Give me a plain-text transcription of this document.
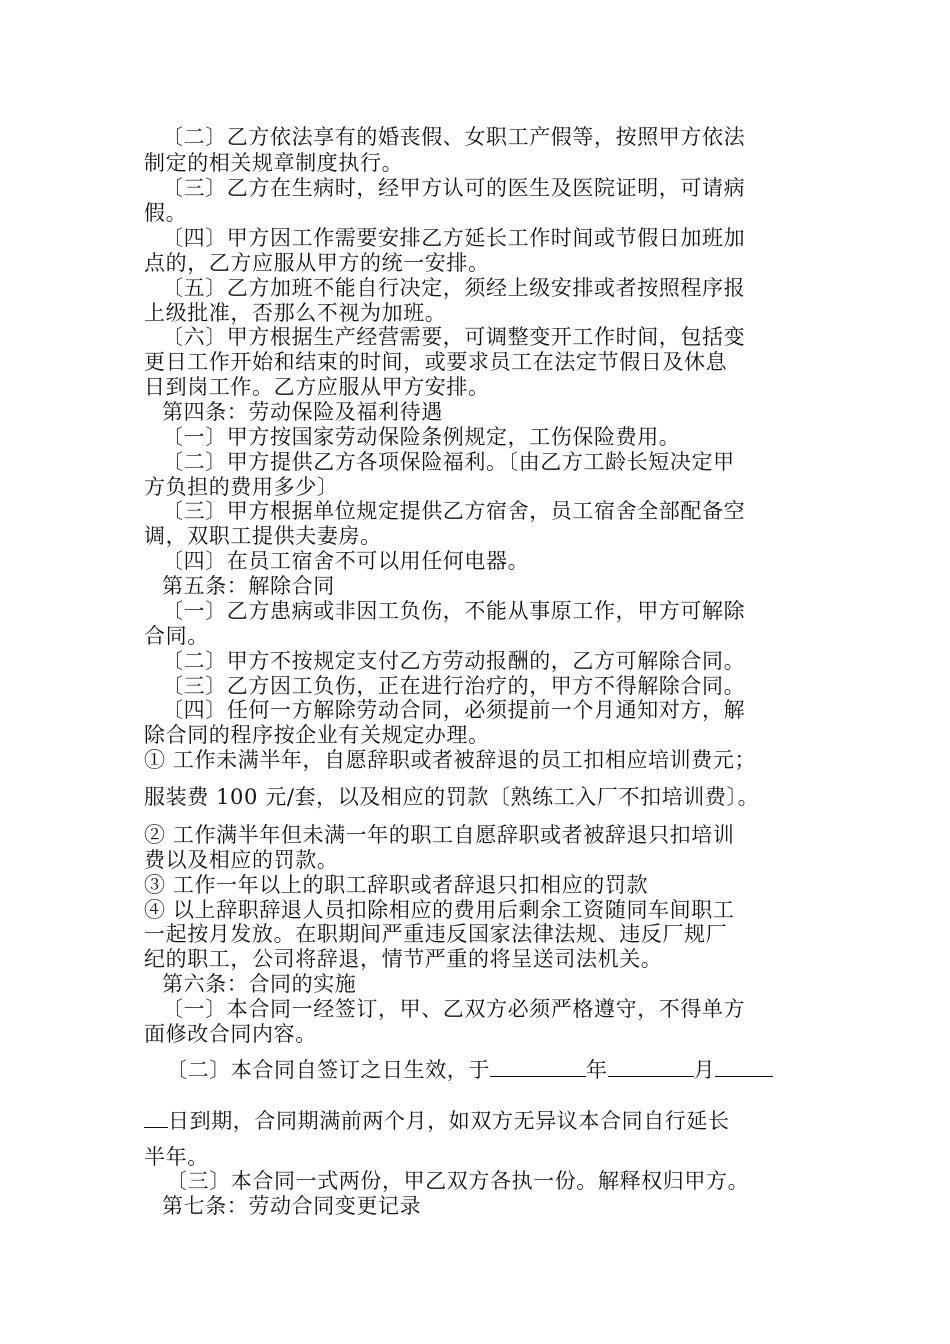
〔二〕乙方依法享有的婚丧假、女职工产假等，按照甲方依法
制定的相关规章制度执行。
〔三〕乙方在生病时，经甲方认可的医生及医院证明，可请病
假。
〔四〕甲方因工作需要安排乙方延长工作时间或节假日加班加
点的，乙方应服从甲方的统一安排。
〔五〕乙方加班不能自行决定，须经上级安排或者按照程序报
上级批准，否那么不视为加班。
〔六〕甲方根据生产经营需要，可调整变开工作时间，包括变
更日工作开始和结束的时间，或要求员工在法定节假日及休息
日到岗工作。乙方应服从甲方安排。
第四条：劳动保险及福利待遇
〔一〕甲方按国家劳动保险条例规定，工伤保险费用。
〔二〕甲方提供乙方各项保险福利。〔由乙方工龄长短决定甲
方负担的费用多少〕
〔三〕甲方根据单位规定提供乙方宿舍，员工宿舍全部配备空
调，双职工提供夫妻房。
〔四〕在员工宿舍不可以用任何电器。
第五条：解除合同
〔一〕乙方患病或非因工负伤，不能从事原工作，甲方可解除
合同。
〔二〕甲方不按规定支付乙方劳动报酬的，乙方可解除合同。
〔三〕乙方因工负伤，正在进行治疗的，甲方不得解除合同。
〔四〕任何一方解除劳动合同，必须提前一个月通知对方，解
除合同的程序按企业有关规定办理。
① 工作未满半年，自愿辞职或者被辞退的员工扣相应培训费元；
服装费 100 元/套，以及相应的罚款〔熟练工入厂不扣培训费〕。
② 工作满半年但未满一年的职工自愿辞职或者被辞退只扣培训
费以及相应的罚款。
③ 工作一年以上的职工辞职或者辞退只扣相应的罚款
④ 以上辞职辞退人员扣除相应的费用后剩余工资随同车间职工
一起按月发放。在职期间严重违反国家法律法规、违反厂规厂
纪的职工，公司将辞退，情节严重的将呈送司法机关。
第六条：合同的实施
〔一〕本合同一经签订，甲、乙双方必须严格遵守，不得单方
面修改合同内容。
〔二〕本合同自签订之日生效，于	年	月
日到期，合同期满前两个月，如双方无异议本合同自行延长
半年。
〔三〕本合同一式两份，甲乙双方各执一份。解释权归甲方。
第七条：劳动合同变更记录
